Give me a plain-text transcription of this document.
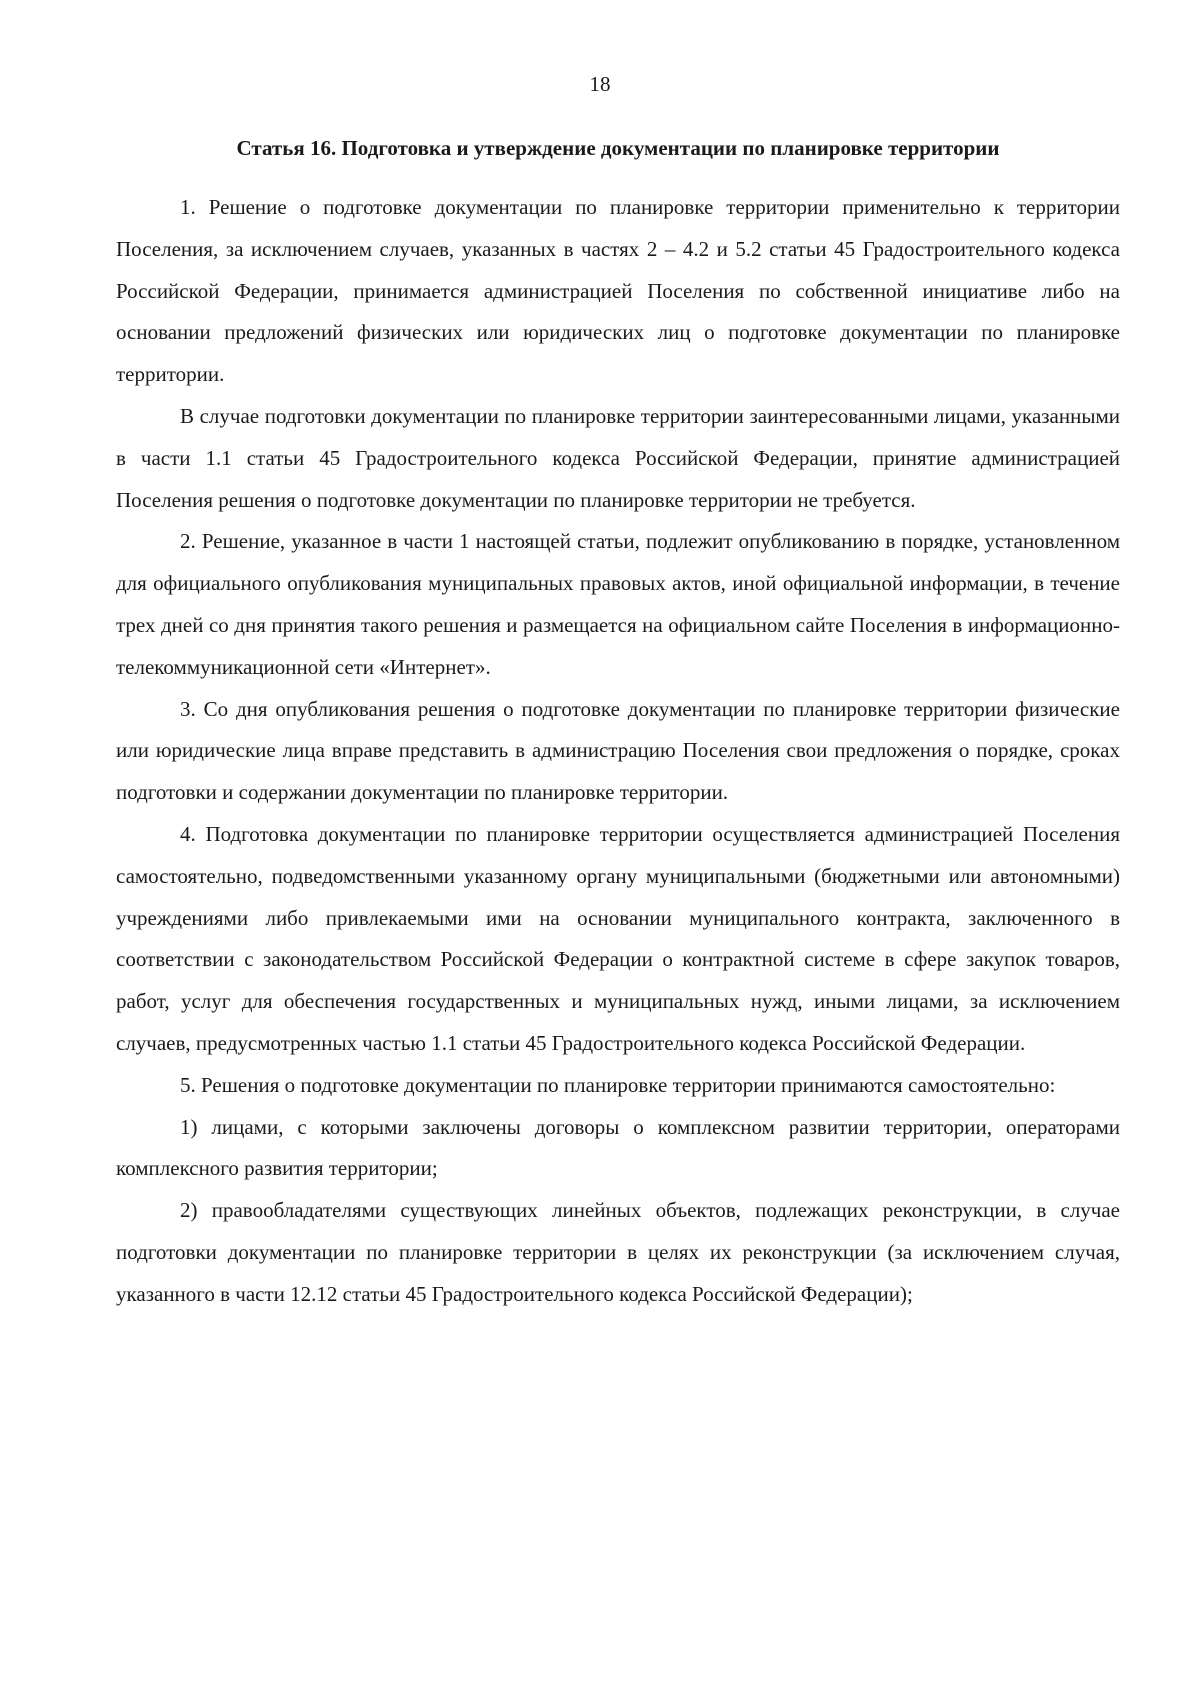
18
Статья 16. Подготовка и утверждение документации по планировке территории

1. Решение о подготовке документации по планировке территории применительно к территории Поселения, за исключением случаев, указанных в частях 2 – 4.2 и 5.2 статьи 45 Градостроительного кодекса Российской Федерации, принимается администрацией Поселения по собственной инициативе либо на основании предложений физических или юридических лиц о подготовке документации по планировке территории.

В случае подготовки документации по планировке территории заинтересованными лицами, указанными в части 1.1 статьи 45 Градостроительного кодекса Российской Федерации, принятие администрацией Поселения решения о подготовке документации по планировке территории не требуется.

2. Решение, указанное в части 1 настоящей статьи, подлежит опубликованию в порядке, установленном для официального опубликования муниципальных правовых актов, иной официальной информации, в течение трех дней со дня принятия такого решения и размещается на официальном сайте Поселения в информационно-телекоммуникационной сети «Интернет».

3. Со дня опубликования решения о подготовке документации по планировке территории физические или юридические лица вправе представить в администрацию Поселения свои предложения о порядке, сроках подготовки и содержании документации по планировке территории.

4. Подготовка документации по планировке территории осуществляется администрацией Поселения самостоятельно, подведомственными указанному органу муниципальными (бюджетными или автономными) учреждениями либо привлекаемыми ими на основании муниципального контракта, заключенного в соответствии с законодательством Российской Федерации о контрактной системе в сфере закупок товаров, работ, услуг для обеспечения государственных и муниципальных нужд, иными лицами, за исключением случаев, предусмотренных частью 1.1 статьи 45 Градостроительного кодекса Российской Федерации.

5. Решения о подготовке документации по планировке территории принимаются самостоятельно:

1) лицами, с которыми заключены договоры о комплексном развитии территории, операторами комплексного развития территории;

2) правообладателями существующих линейных объектов, подлежащих реконструкции, в случае подготовки документации по планировке территории в целях их реконструкции (за исключением случая, указанного в части 12.12 статьи 45 Градостроительного кодекса Российской Федерации);
